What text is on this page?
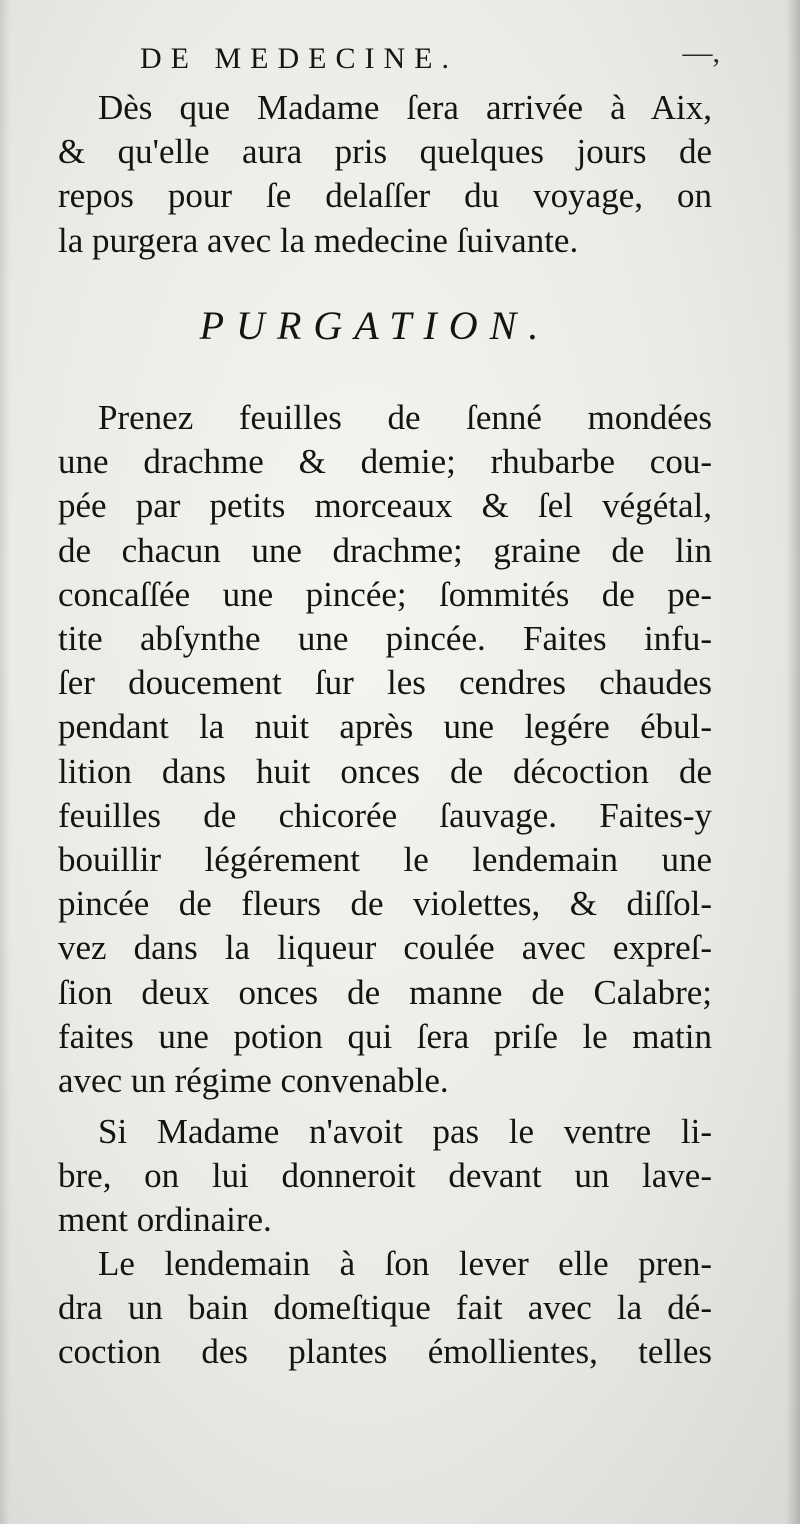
DE MEDECINE.	—,
Dès que Madame ſera arrivée à Aix,
& qu'elle aura pris quelques jours de
repos pour ſe delaſſer du voyage, on
la purgera avec la medecine ſuivante.
PURGATION.
Prenez feuilles de ſenné mondées
une drachme & demie; rhubarbe cou-
pée par petits morceaux & ſel végétal,
de chacun une drachme; graine de lin
concaſſée une pincée; ſommités de pe-
tite abſynthe une pincée. Faites infu-
ſer doucement ſur les cendres chaudes
pendant la nuit après une legére ébul-
lition dans huit onces de décoction de
feuilles de chicorée ſauvage. Faites-y
bouillir légérement le lendemain une
pincée de fleurs de violettes, & diſſol-
vez dans la liqueur coulée avec expreſ-
ſion deux onces de manne de Calabre;
faites une potion qui ſera priſe le matin
avec un régime convenable.
Si Madame n'avoit pas le ventre li-
bre, on lui donneroit devant un lave-
ment ordinaire.
Le lendemain à ſon lever elle pren-
dra un bain domeſtique fait avec la dé-
coction des plantes émollientes, telles
